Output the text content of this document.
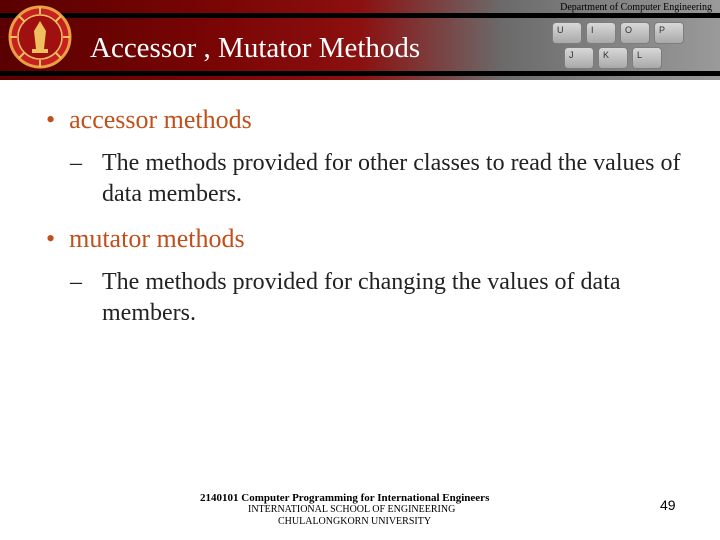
U	I	O	P
J	K	L
Department of Computer Engineering
Accessor , Mutator Methods
• accessor methods
– The methods provided for other classes to read the values of data members.
• mutator methods
– The methods provided for changing the values of data members.
2140101 Computer Programming for International Engineers
INTERNATIONAL SCHOOL OF ENGINEERING
CHULALONGKORN UNIVERSITY
49
